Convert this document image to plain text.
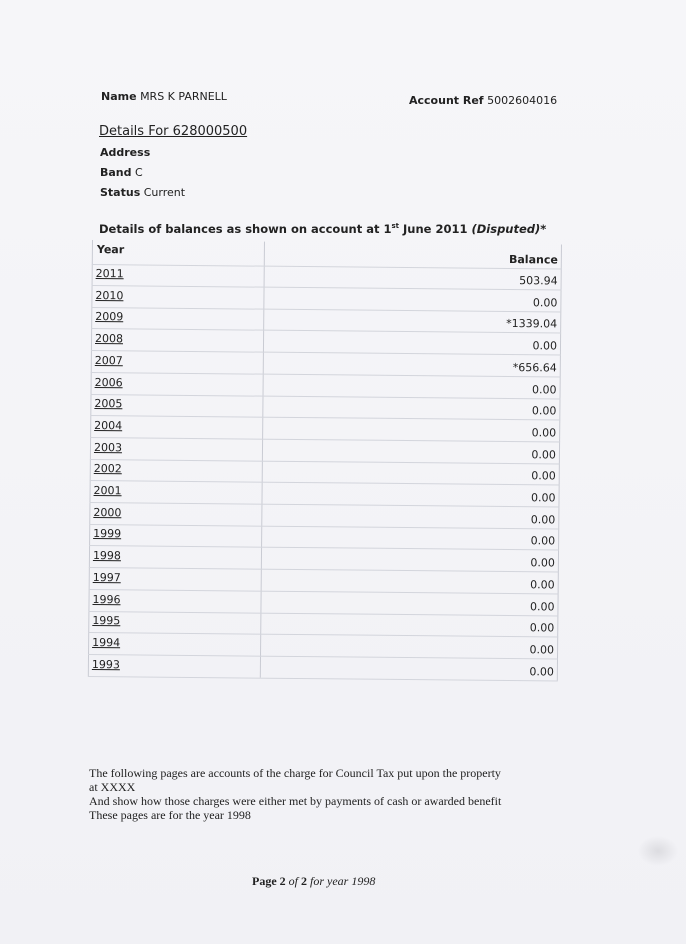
Name MRS K PARNELL	Account Ref 5002604016
Details For 628000500
Address
Band C
Status Current
Details of balances as shown on account at 1st June 2011 (Disputed)*
Year
Balance
2011
503.94
2010
0.00
2009
*1339.04
2008
0.00
2007
*656.64
2006
0.00
2005
0.00
2004
0.00
2003
0.00
2002
0.00
2001
0.00
2000
0.00
1999
0.00
1998
0.00
1997
0.00
1996
0.00
1995
0.00
1994
0.00
1993
0.00

The following pages are accounts of the charge for Council Tax put upon the property

at XXXX

And show how those charges were either met by payments of cash or awarded benefit

These pages are for the year 1998

Page 2 of 2 for year 1998
